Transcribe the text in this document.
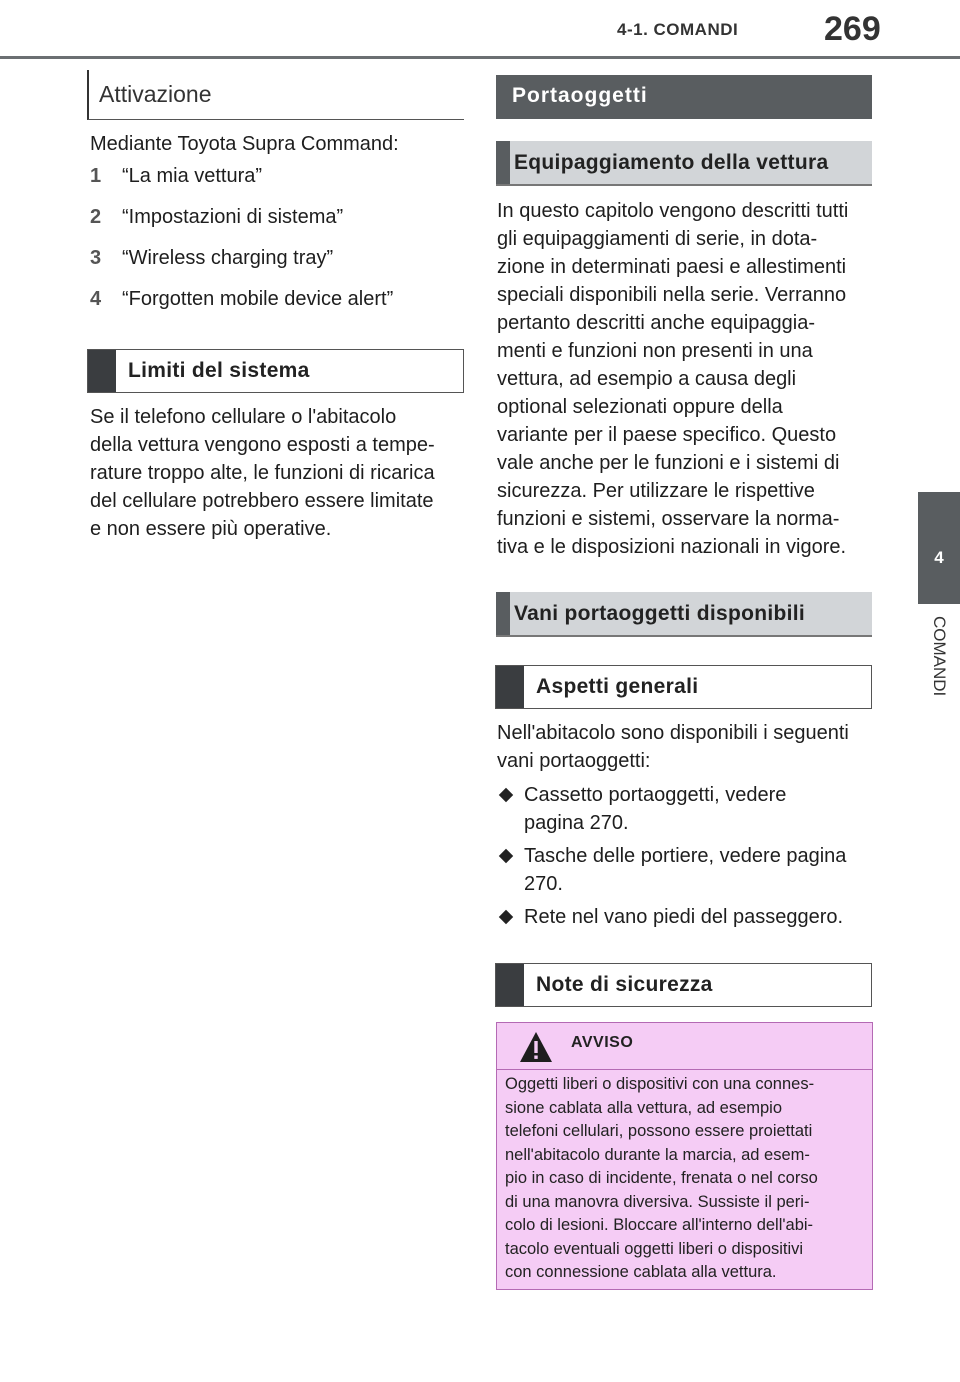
4-1. COMANDI	269
4
COMANDI
Attivazione
Mediante Toyota Supra Command:
1 “La mia vettura”
2 “Impostazioni di sistema”
3 “Wireless charging tray”
4 “Forgotten mobile device alert”
Limiti del sistema
Se il telefono cellulare o l'abitacolo
della vettura vengono esposti a tempe-
rature troppo alte, le funzioni di ricarica
del cellulare potrebbero essere limitate
e non essere più operative.
Portaoggetti
Equipaggiamento della vettura
In questo capitolo vengono descritti tutti
gli equipaggiamenti di serie, in dota-
zione in determinati paesi e allestimenti
speciali disponibili nella serie. Verranno
pertanto descritti anche equipaggia-
menti e funzioni non presenti in una
vettura, ad esempio a causa degli
optional selezionati oppure della
variante per il paese specifico. Questo
vale anche per le funzioni e i sistemi di
sicurezza. Per utilizzare le rispettive
funzioni e sistemi, osservare la norma-
tiva e le disposizioni nazionali in vigore.
Vani portaoggetti disponibili
Aspetti generali
Nell'abitacolo sono disponibili i seguenti
vani portaoggetti:
Cassetto portaoggetti, vedere
pagina 270.
Tasche delle portiere, vedere pagina
270.
Rete nel vano piedi del passeggero.
Note di sicurezza
AVVISO
Oggetti liberi o dispositivi con una connes-
sione cablata alla vettura, ad esempio
telefoni cellulari, possono essere proiettati
nell'abitacolo durante la marcia, ad esem-
pio in caso di incidente, frenata o nel corso
di una manovra diversiva. Sussiste il peri-
colo di lesioni. Bloccare all'interno dell'abi-
tacolo eventuali oggetti liberi o dispositivi
con connessione cablata alla vettura.
